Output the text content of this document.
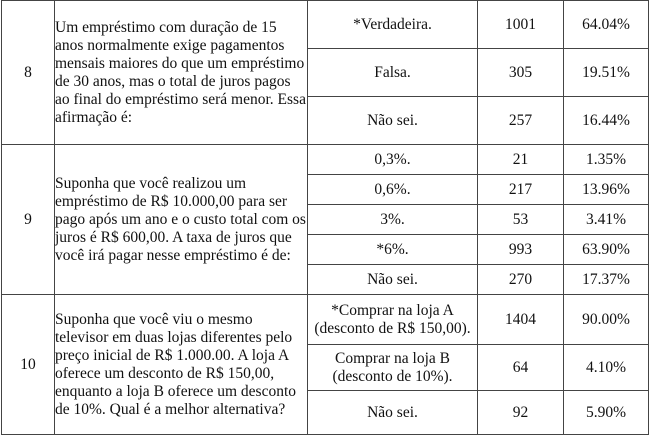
8	Um empréstimo com duração de 15 anos normalmente exige pagamentos mensais maiores do que um empréstimo de 30 anos, mas o total de juros pagos ao final do empréstimo será menor. Essa afirmação é:	*Verdadeira.	1001	64.04%
		Falsa.	305	19.51%
		Não sei.	257	16.44%
9	Suponha que você realizou um empréstimo de R$ 10.000,00 para ser pago após um ano e o custo total com os juros é R$ 600,00. A taxa de juros que você irá pagar nesse empréstimo é de:	0,3%.	21	1.35%
		0,6%.	217	13.96%
		3%.	53	3.41%
		*6%.	993	63.90%
		Não sei.	270	17.37%
10	Suponha que você viu o mesmo televisor em duas lojas diferentes pelo preço inicial de R$ 1.000.00. A loja A oferece um desconto de R$ 150,00, enquanto a loja B oferece um desconto de 10%. Qual é a melhor alternativa?	*Comprar na loja A (desconto de R$ 150,00).	1404	90.00%
		Comprar na loja B (desconto de 10%).	64	4.10%
		Não sei.	92	5.90%
